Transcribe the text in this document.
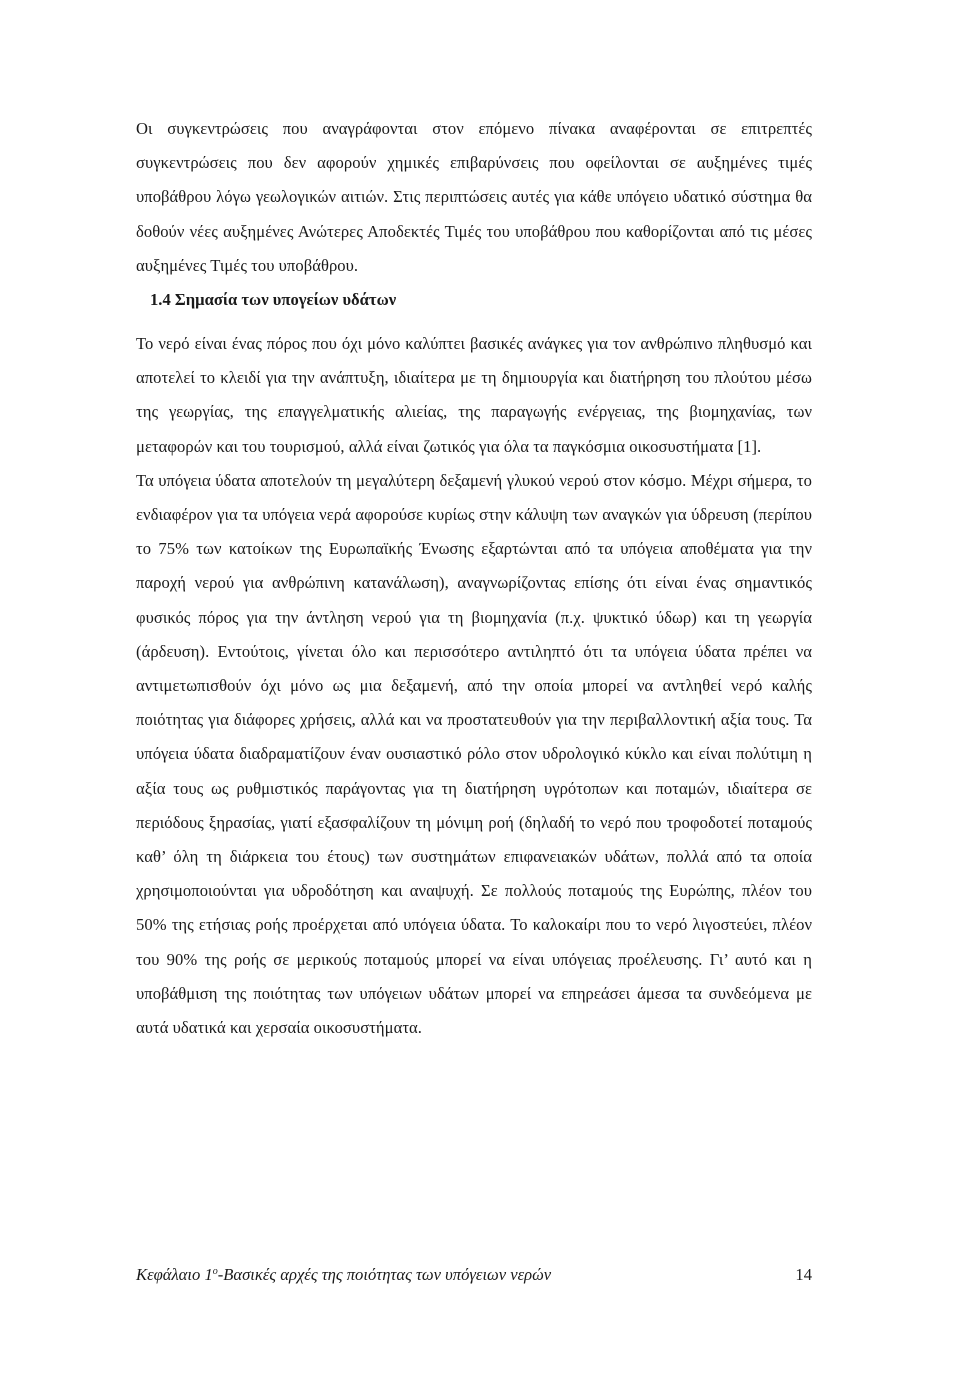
Οι συγκεντρώσεις που αναγράφονται στον επόμενο πίνακα αναφέρονται σε επιτρεπτές συγκεντρώσεις που δεν αφορούν χημικές επιβαρύνσεις που οφείλονται σε αυξημένες τιμές υποβάθρου λόγω γεωλογικών αιτιών. Στις περιπτώσεις αυτές για κάθε υπόγειο υδατικό σύστημα θα δοθούν νέες αυξημένες Ανώτερες Αποδεκτές Τιμές του υποβάθρου που καθορίζονται από τις μέσες αυξημένες Τιμές του υποβάθρου.

1.4 Σημασία των υπογείων υδάτων

Το νερό είναι ένας πόρος που όχι μόνο καλύπτει βασικές ανάγκες για τον ανθρώπινο πληθυσμό και αποτελεί το κλειδί για την ανάπτυξη, ιδιαίτερα με τη δημιουργία και διατήρηση του πλούτου μέσω της γεωργίας, της επαγγελματικής αλιείας, της παραγωγής ενέργειας, της βιομηχανίας, των μεταφορών και του τουρισμού, αλλά είναι ζωτικός για όλα τα παγκόσμια οικοσυστήματα [1].

Τα υπόγεια ύδατα αποτελούν τη μεγαλύτερη δεξαμενή γλυκού νερού στον κόσμο. Μέχρι σήμερα, το ενδιαφέρον για τα υπόγεια νερά αφορούσε κυρίως στην κάλυψη των αναγκών για ύδρευση (περίπου το 75% των κατοίκων της Ευρωπαϊκής Ένωσης εξαρτώνται από τα υπόγεια αποθέματα για την παροχή νερού για ανθρώπινη κατανάλωση), αναγνωρίζοντας επίσης ότι είναι ένας σημαντικός φυσικός πόρος για την άντληση νερού για τη βιομηχανία (π.χ. ψυκτικό ύδωρ) και τη γεωργία (άρδευση). Εντούτοις, γίνεται όλο και περισσότερο αντιληπτό ότι τα υπόγεια ύδατα πρέπει να αντιμετωπισθούν όχι μόνο ως μια δεξαμενή, από την οποία μπορεί να αντληθεί νερό καλής ποιότητας για διάφορες χρήσεις, αλλά και να προστατευθούν για την περιβαλλοντική αξία τους. Τα υπόγεια ύδατα διαδραματίζουν έναν ουσιαστικό ρόλο στον υδρολογικό κύκλο και είναι πολύτιμη η αξία τους ως ρυθμιστικός παράγοντας για τη διατήρηση υγρότοπων και ποταμών, ιδιαίτερα σε περιόδους ξηρασίας, γιατί εξασφαλίζουν τη μόνιμη ροή (δηλαδή το νερό που τροφοδοτεί ποταμούς καθ’ όλη τη διάρκεια του έτους) των συστημάτων επιφανειακών υδάτων, πολλά από τα οποία χρησιμοποιούνται για υδροδότηση και αναψυχή. Σε πολλούς ποταμούς της Ευρώπης, πλέον του 50% της ετήσιας ροής προέρχεται από υπόγεια ύδατα. Το καλοκαίρι που το νερό λιγοστεύει, πλέον του 90% της ροής σε μερικούς ποταμούς μπορεί να είναι υπόγειας προέλευσης. Γι’ αυτό και η υποβάθμιση της ποιότητας των υπόγειων υδάτων μπορεί να επηρεάσει άμεσα τα συνδεόμενα με αυτά υδατικά και χερσαία οικοσυστήματα.

Κεφάλαιο $1^o$-Βασικές αρχές της ποιότητας των υπόγειων νερών	14
